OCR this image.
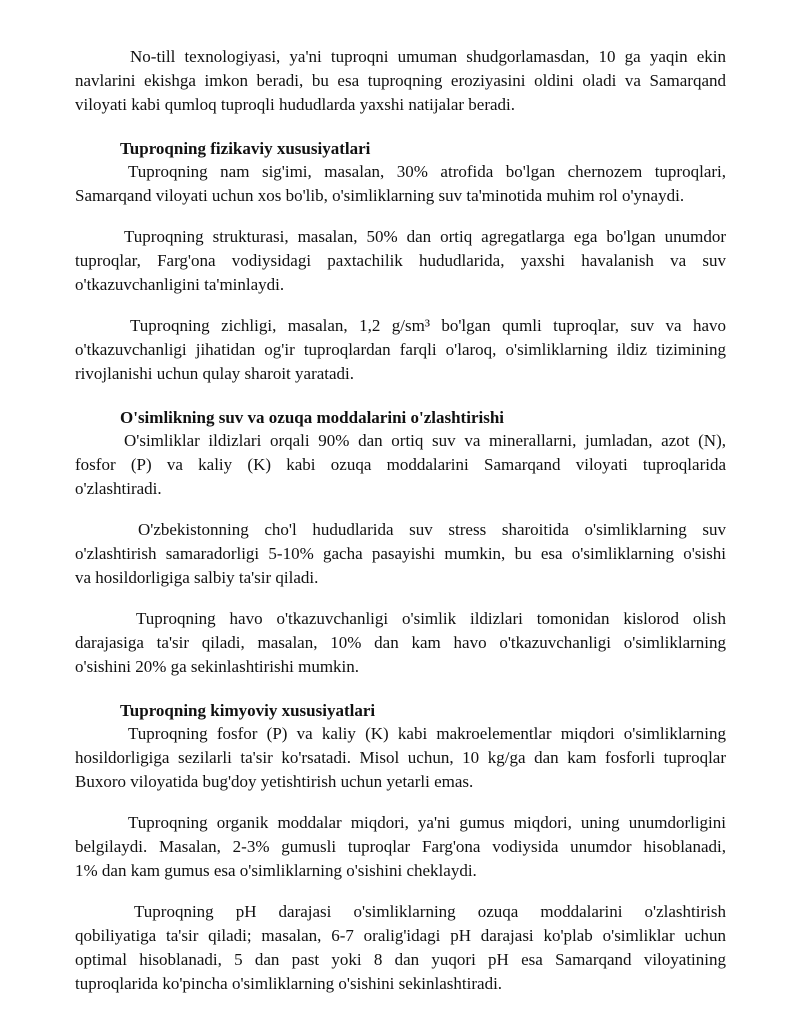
No-till texnologiyasi, ya'ni tuproqni umuman shudgorlamasdan, 10 ga yaqin ekin
navlarini ekishga imkon beradi, bu esa tuproqning eroziyasini oldini oladi va Samarqand
viloyati kabi qumloq tuproqli hududlarda yaxshi natijalar beradi.
Tuproqning fizikaviy xususiyatlari
Tuproqning nam sig'imi, masalan, 30% atrofida bo'lgan chernozem tuproqlari,
Samarqand viloyati uchun xos bo'lib, o'simliklarning suv ta'minotida muhim rol o'ynaydi.
Tuproqning strukturasi, masalan, 50% dan ortiq agregatlarga ega bo'lgan unumdor
tuproqlar, Farg'ona vodiysidagi paxtachilik hududlarida, yaxshi havalanish va suv
o'tkazuvchanligini ta'minlaydi.
Tuproqning zichligi, masalan, 1,2 g/sm³ bo'lgan qumli tuproqlar, suv va havo
o'tkazuvchanligi jihatidan og'ir tuproqlardan farqli o'laroq, o'simliklarning ildiz tizimining
rivojlanishi uchun qulay sharoit yaratadi.
O'simlikning suv va ozuqa moddalarini o'zlashtirishi
O'simliklar ildizlari orqali 90% dan ortiq suv va minerallarni, jumladan, azot (N),
fosfor (P) va kaliy (K) kabi ozuqa moddalarini Samarqand viloyati tuproqlarida
o'zlashtiradi.
O'zbekistonning cho'l hududlarida suv stress sharoitida o'simliklarning suv
o'zlashtirish samaradorligi 5-10% gacha pasayishi mumkin, bu esa o'simliklarning o'sishi
va hosildorligiga salbiy ta'sir qiladi.
Tuproqning havo o'tkazuvchanligi o'simlik ildizlari tomonidan kislorod olish
darajasiga ta'sir qiladi, masalan, 10% dan kam havo o'tkazuvchanligi o'simliklarning
o'sishini 20% ga sekinlashtirishi mumkin.
Tuproqning kimyoviy xususiyatlari
Tuproqning fosfor (P) va kaliy (K) kabi makroelementlar miqdori o'simliklarning
hosildorligiga sezilarli ta'sir ko'rsatadi. Misol uchun, 10 kg/ga dan kam fosforli tuproqlar
Buxoro viloyatida bug'doy yetishtirish uchun yetarli emas.
Tuproqning organik moddalar miqdori, ya'ni gumus miqdori, uning unumdorligini
belgilaydi. Masalan, 2-3% gumusli tuproqlar Farg'ona vodiysida unumdor hisoblanadi,
1% dan kam gumus esa o'simliklarning o'sishini cheklaydi.
Tuproqning pH darajasi o'simliklarning ozuqa moddalarini o'zlashtirish
qobiliyatiga ta'sir qiladi; masalan, 6-7 oralig'idagi pH darajasi ko'plab o'simliklar uchun
optimal hisoblanadi, 5 dan past yoki 8 dan yuqori pH esa Samarqand viloyatining
tuproqlarida ko'pincha o'simliklarning o'sishini sekinlashtiradi.
